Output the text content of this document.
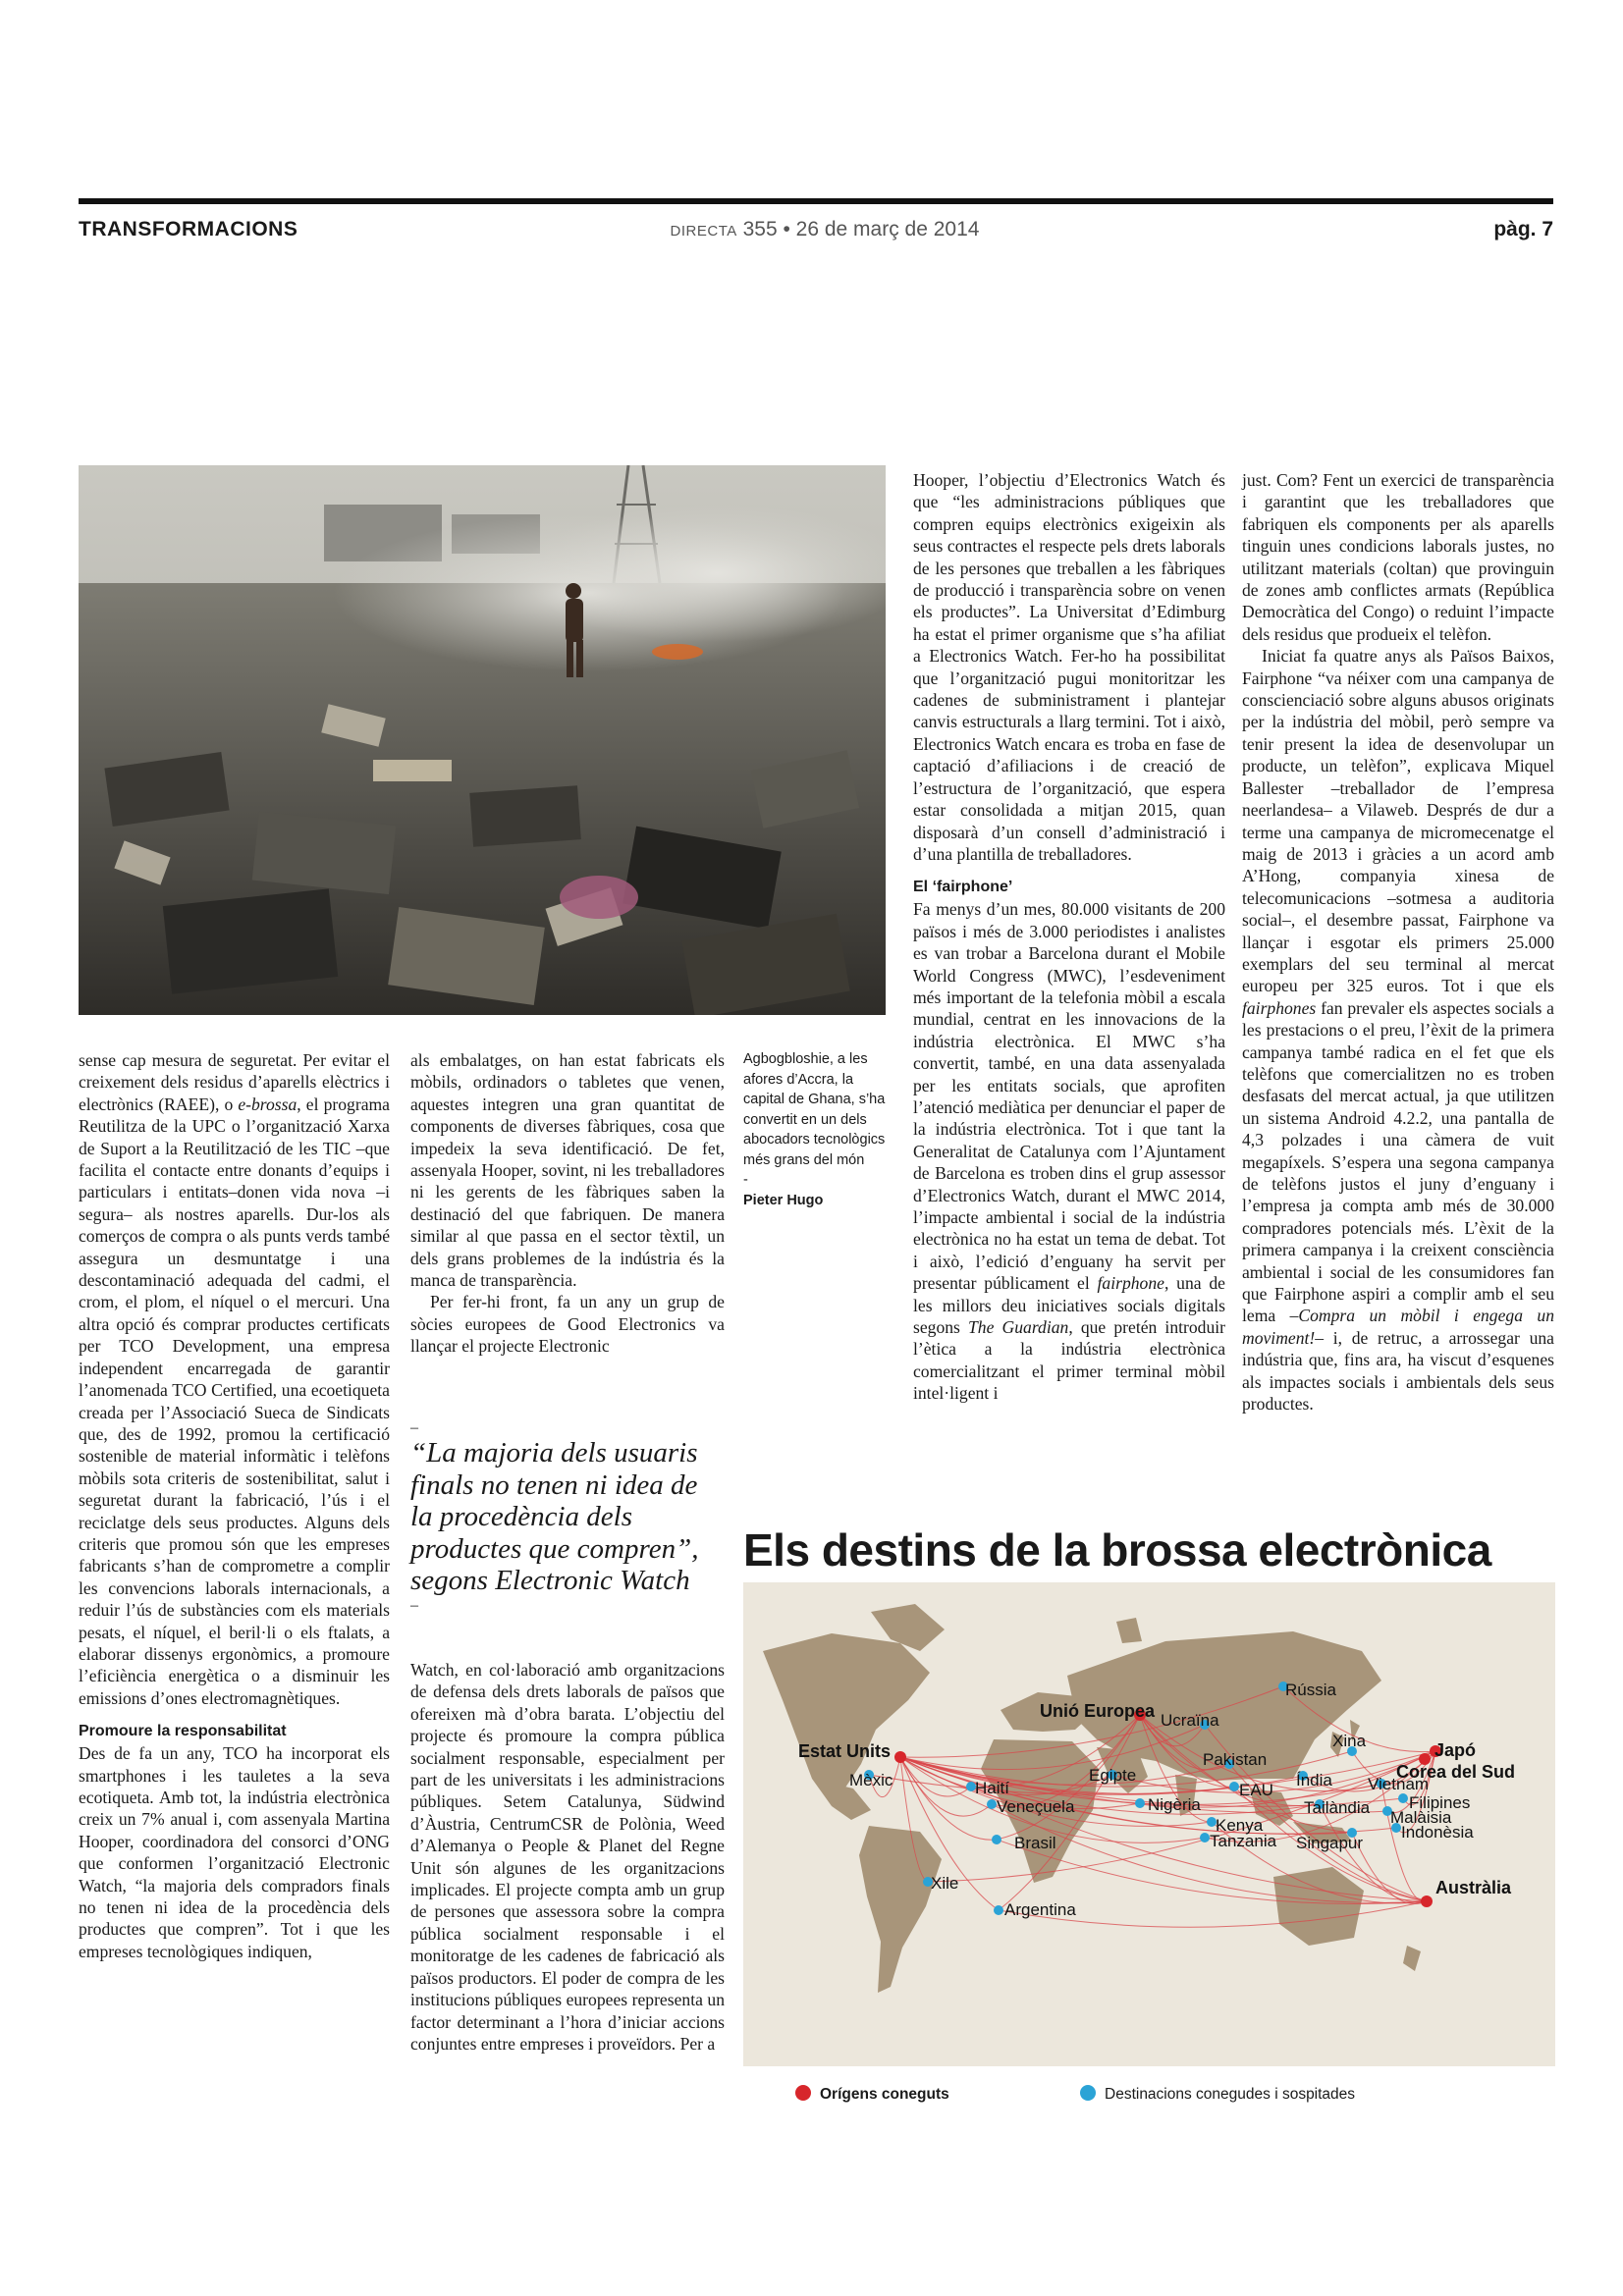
TRANSFORMACIONS	DIRECTA 355 • 26 de març de 2014	pàg. 7

sense cap mesura de seguretat. Per evitar el creixement dels residus d’aparells elèctrics i electrònics (RAEE), o e-brossa, el programa Reutilitza de la UPC o l’organització Xarxa de Suport a la Reutilització de les TIC –que facilita el contacte entre donants d’equips i particulars i entitats–donen vida nova –i segura– als nostres aparells. Dur-los als comerços de compra o als punts verds també assegura un desmuntatge i una descontaminació adequada del cadmi, el crom, el plom, el níquel o el mercuri. Una altra opció és comprar productes certificats per TCO Development, una empresa independent encarregada de garantir l’anomenada TCO Certified, una ecoetiqueta creada per l’Associació Sueca de Sindicats que, des de 1992, promou la certificació sostenible de material informàtic i telèfons mòbils sota criteris de sostenibilitat, salut i seguretat durant la fabricació, l’ús i el reciclatge dels seus productes. Alguns dels criteris que promou són que les empreses fabricants s’han de comprometre a complir les convencions laborals internacionals, a reduir l’ús de substàncies com els materials pesats, el níquel, el beril·li o els ftalats, a elaborar dissenys ergonòmics, a promoure l’eficiència energètica o a disminuir les emissions d’ones electromagnètiques.

Promoure la responsabilitat

Des de fa un any, TCO ha incorporat els smartphones i les tauletes a la seva ecotiqueta. Amb tot, la indústria electrònica creix un 7% anual i, com assenyala Martina Hooper, coordinadora del consorci d’ONG que conformen l’organització Electronic Watch, “la majoria dels compradors finals no tenen ni idea de la procedència dels productes que compren”. Tot i que les empreses tecnològiques indiquen,

als embalatges, on han estat fabricats els mòbils, ordinadors o tabletes que venen, aquestes integren una gran quantitat de components de diverses fàbriques, cosa que impedeix la seva identificació. De fet, assenyala Hooper, sovint, ni les treballadores ni les gerents de les fàbriques saben la destinació del que fabriquen. De manera similar al que passa en el sector tèxtil, un dels grans problemes de la indústria és la manca de transparència.

Per fer-hi front, fa un any un grup de sòcies europees de Good Electronics va llançar el projecte Electronic

Watch, en col·laboració amb organitzacions de defensa dels drets laborals de països que ofereixen mà d’obra barata. L’objectiu del projecte és promoure la compra pública socialment responsable, especialment per part de les universitats i les administracions públiques. Setem Catalunya, Südwind d’Àustria, CentrumCSR de Polònia, Weed d’Alemanya o People & Planet del Regne Unit són algunes de les organitzacions implicades. El projecte compta amb un grup de persones que assessora sobre la compra pública socialment responsable i el monitoratge de les cadenes de fabricació als països productors. El poder de compra de les institucions públiques europees representa un factor determinant a l’hora d’iniciar accions conjuntes entre empreses i proveïdors. Per a

–
“La majoria dels usuaris finals no tenen ni idea de la procedència dels productes que compren”, segons Electronic Watch
–
Agbogbloshie, a les afores d’Accra, la capital de Ghana, s’ha convertit en un dels abocadors tecnològics més grans del món
-
Pieter Hugo

Hooper, l’objectiu d’Electronics Watch és que “les administracions públiques que compren equips electrònics exigeixin als seus contractes el respecte pels drets laborals de les persones que treballen a les fàbriques de producció i transparència sobre on venen els productes”. La Universitat d’Edimburg ha estat el primer organisme que s’ha afiliat a Electronics Watch. Fer-ho ha possibilitat que l’organització pugui monitoritzar les cadenes de subministrament i plantejar canvis estructurals a llarg termini. Tot i això, Electronics Watch encara es troba en fase de captació d’afiliacions i de creació de l’estructura de l’organització, que espera estar consolidada a mitjan 2015, quan disposarà d’un consell d’administració i d’una plantilla de treballadores.

El ‘fairphone’

Fa menys d’un mes, 80.000 visitants de 200 països i més de 3.000 periodistes i analistes es van trobar a Barcelona durant el Mobile World Congress (MWC), l’esdeveniment més important de la telefonia mòbil a escala mundial, centrat en les innovacions de la indústria electrònica. El MWC s’ha convertit, també, en una data assenyalada per les entitats socials, que aprofiten l’atenció mediàtica per denunciar el paper de la indústria electrònica. Tot i que tant la Generalitat de Catalunya com l’Ajuntament de Barcelona es troben dins el grup assessor d’Electronics Watch, durant el MWC 2014, l’impacte ambiental i social de la indústria electrònica no ha estat un tema de debat. Tot i això, l’edició d’enguany ha servit per presentar públicament el fairphone, una de les millors deu iniciatives socials digitals segons The Guardian, que pretén introduir l’ètica a la indústria electrònica comercialitzant el primer terminal mòbil intel·ligent i

just. Com? Fent un exercici de transparència i garantint que les treballadores que fabriquen els components per als aparells tinguin unes condicions laborals justes, no utilitzant materials (coltan) que provinguin de zones amb conflictes armats (República Democràtica del Congo) o reduint l’impacte dels residus que produeix el telèfon.

Iniciat fa quatre anys als Països Baixos, Fairphone “va néixer com una campanya de conscienciació sobre alguns abusos originats per la indústria del mòbil, però sempre va tenir present la idea de desenvolupar un producte, un telèfon”, explicava Miquel Ballester –treballador de l’empresa neerlandesa– a Vilaweb. Després de dur a terme una campanya de micromecenatge el maig de 2013 i gràcies a un acord amb A’Hong, companyia xinesa de telecomunicacions –sotmesa a auditoria social–, el desembre passat, Fairphone va llançar i esgotar els primers 25.000 exemplars del seu terminal al mercat europeu per 325 euros. Tot i que els fairphones fan prevaler els aspectes socials a les prestacions o el preu, l’èxit de la primera campanya també radica en el fet que els telèfons que comercialitzen no es troben desfasats del mercat actual, ja que utilitzen un sistema Android 4.2.2, una pantalla de 4,3 polzades i una càmera de vuit megapíxels. S’espera una segona campanya de telèfons justos el juny d’enguany i l’empresa ja compta amb més de 30.000 compradores potencials més. L’èxit de la primera campanya i la creixent consciència ambiental i social de les consumidores fan que Fairphone aspiri a complir amb el seu lema –Compra un mòbil i engega un moviment!– i, de retruc, a arrossegar una indústria que, fins ara, ha viscut d’esquenes als impactes socials i ambientals dels seus productes.

Els destins de la brossa electrònica
Rússia
Unió Europea Ucraïna
Estat Units
Xina	Japó
Pakistan
Corea del Sud
Egipte
Mèxic	Índia Vietnam
Haití	EAU
Filipines
Veneçuela	Nigèria	Tailàndia
Malàisia
Kenya	Indonèsia
Tanzania Singapur
Brasil
Austràlia
Xile
Argentina
Orígens coneguts	Destinacions conegudes i sospitades
